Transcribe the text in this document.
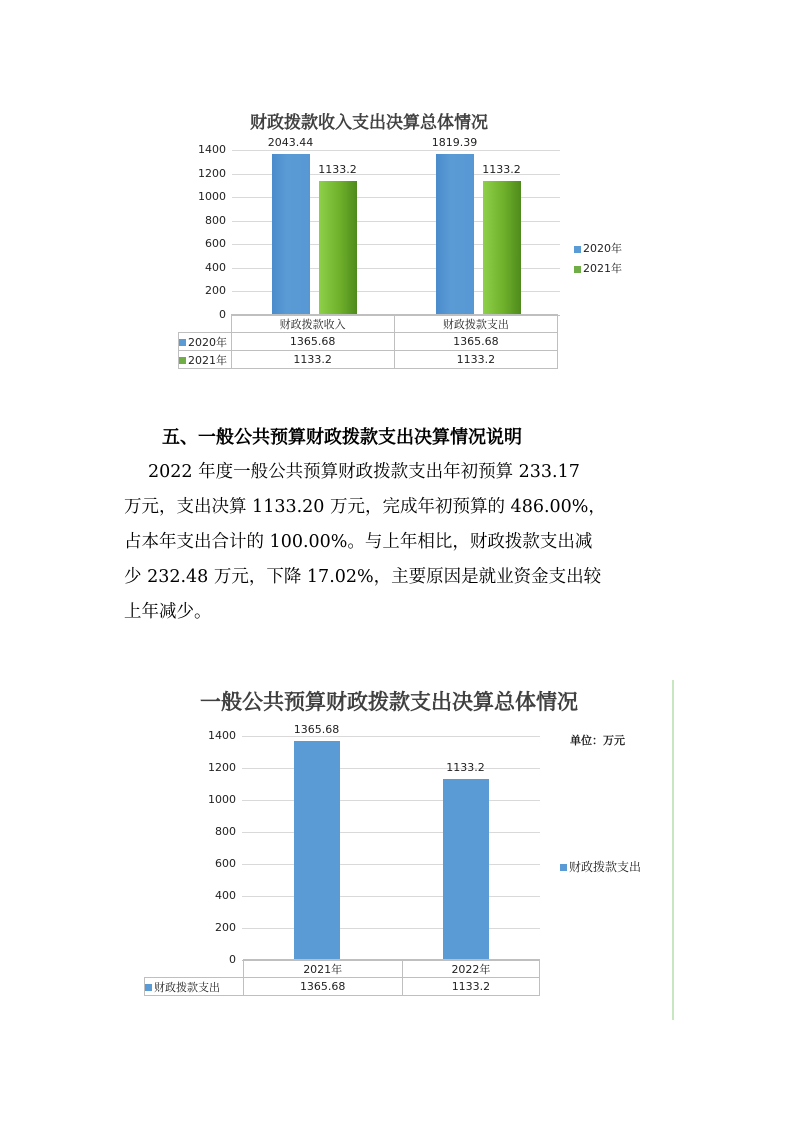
财政拨款收入支出决算总体情况
0
200
400
600
800
1000
1200
1400
2043.44
1133.2
1819.39
1133.2
2020年
2021年
	财政拨款收入	财政拨款支出
2020年	1365.68	1365.68
2021年	1133.2	1133.2
五、一般公共预算财政拨款支出决算情况说明
2022 年度一般公共预算财政拨款支出年初预算 233.17
万元，支出决算 1133.20 万元，完成年初预算的 486.00%，
占本年支出合计的 100.00%。与上年相比，财政拨款支出减
少 232.48 万元，下降 17.02%，主要原因是就业资金支出较
上年减少。
一般公共预算财政拨款支出决算总体情况
单位：万元
0
200
400
600
800
1000
1200
1400	1365.68
1133.2
财政拨款支出
	2021年	2022年
财政拨款支出	1365.68	1133.2
